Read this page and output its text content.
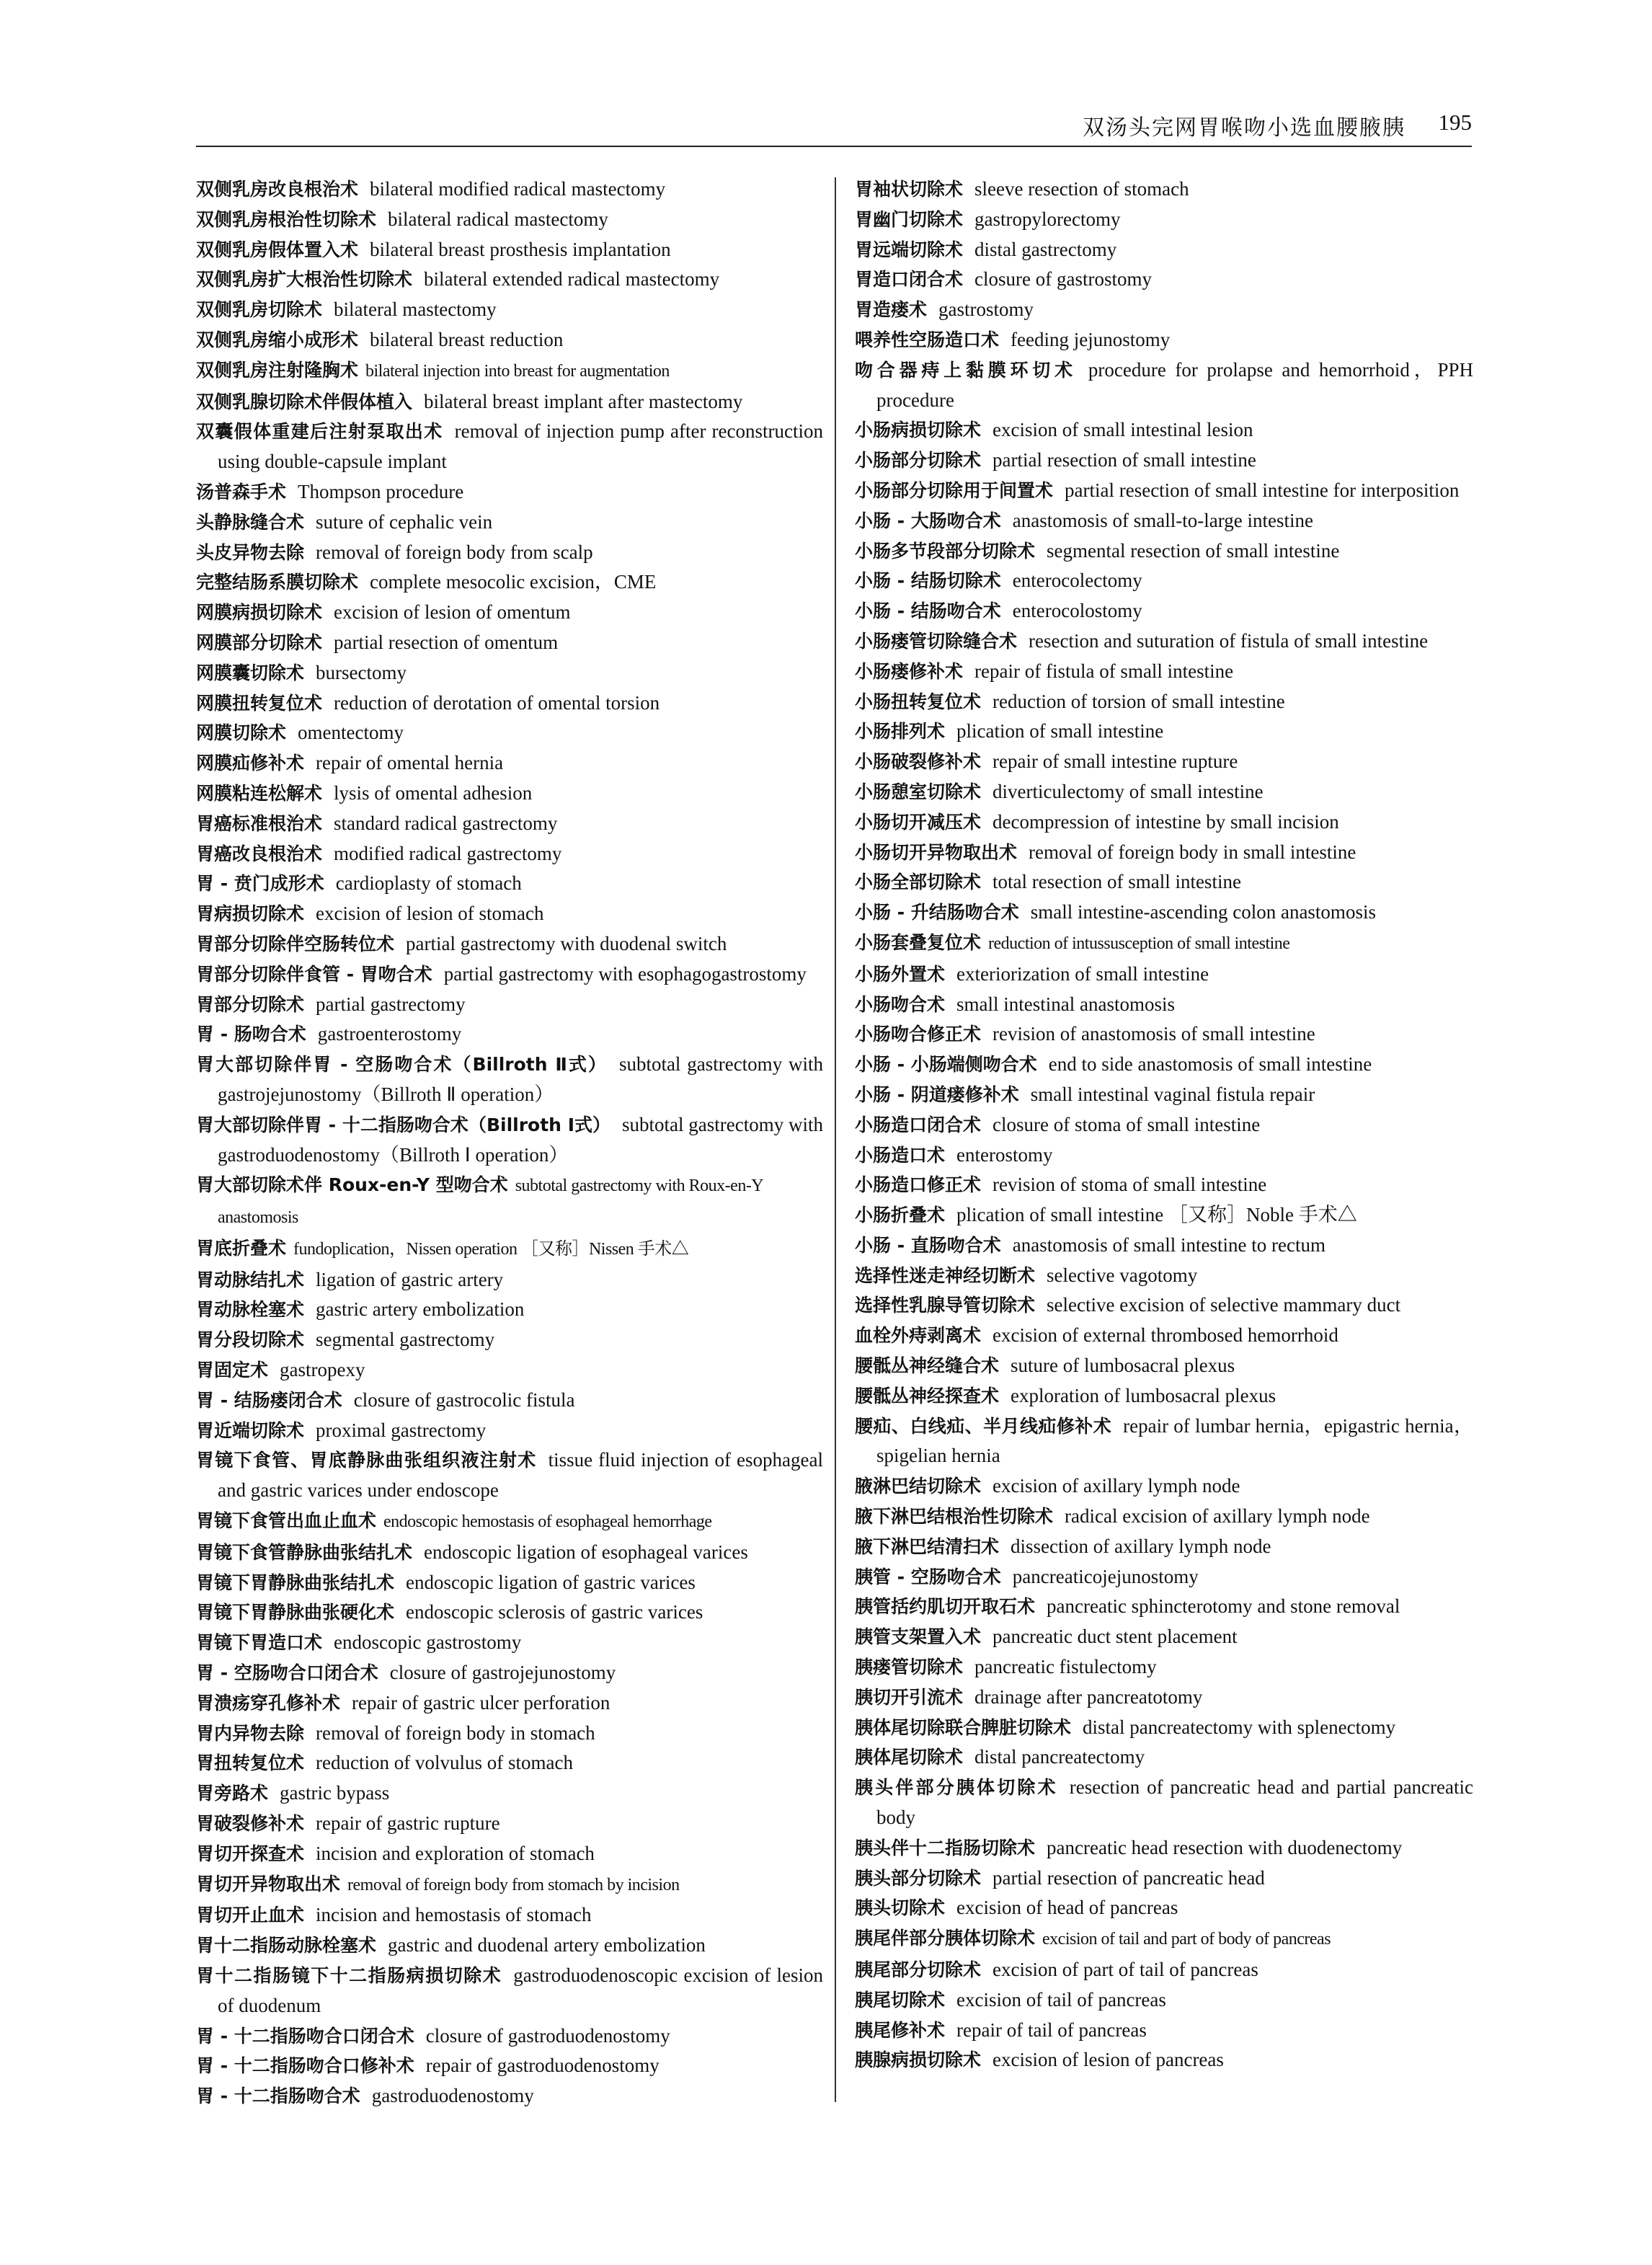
双汤头完网胃喉吻小选血腰腋胰 195
双侧乳房改良根治术 bilateral modified radical mastectomy
双侧乳房根治性切除术 bilateral radical mastectomy
双侧乳房假体置入术 bilateral breast prosthesis implantation
双侧乳房扩大根治性切除术 bilateral extended radical mastectomy
双侧乳房切除术 bilateral mastectomy
双侧乳房缩小成形术 bilateral breast reduction
双侧乳房注射隆胸术 bilateral injection into breast for augmentation
双侧乳腺切除术伴假体植入 bilateral breast implant after mastectomy
双囊假体重建后注射泵取出术 removal of injection pump after reconstruction using double-capsule implant
汤普森手术 Thompson procedure
头静脉缝合术 suture of cephalic vein
头皮异物去除 removal of foreign body from scalp
完整结肠系膜切除术 complete mesocolic excision，CME
网膜病损切除术 excision of lesion of omentum
网膜部分切除术 partial resection of omentum
网膜囊切除术 bursectomy
网膜扭转复位术 reduction of derotation of omental torsion
网膜切除术 omentectomy
网膜疝修补术 repair of omental hernia
网膜粘连松解术 lysis of omental adhesion
胃癌标准根治术 standard radical gastrectomy
胃癌改良根治术 modified radical gastrectomy
胃 - 贲门成形术 cardioplasty of stomach
胃病损切除术 excision of lesion of stomach
胃部分切除伴空肠转位术 partial gastrectomy with duodenal switch
胃部分切除伴食管 - 胃吻合术 partial gastrectomy with esophagogastrostomy
胃部分切除术 partial gastrectomy
胃 - 肠吻合术 gastroenterostomy
胃大部切除伴胃 - 空肠吻合术（Billroth Ⅱ式） subtotal gastrectomy with gastrojejunostomy（Billroth Ⅱ operation）
胃大部切除伴胃 - 十二指肠吻合术（Billroth Ⅰ式） subtotal gastrectomy with gastroduodenostomy（Billroth Ⅰ operation）
胃大部切除术伴 Roux-en-Y 型吻合术 subtotal gastrectomy with Roux-en-Y anastomosis
胃底折叠术 fundoplication，Nissen operation ［又称］Nissen 手术△
胃动脉结扎术 ligation of gastric artery
胃动脉栓塞术 gastric artery embolization
胃分段切除术 segmental gastrectomy
胃固定术 gastropexy
胃 - 结肠瘘闭合术 closure of gastrocolic fistula
胃近端切除术 proximal gastrectomy
胃镜下食管、胃底静脉曲张组织液注射术 tissue fluid injection of esophageal and gastric varices under endoscope
胃镜下食管出血止血术 endoscopic hemostasis of esophageal hemorrhage
胃镜下食管静脉曲张结扎术 endoscopic ligation of esophageal varices
胃镜下胃静脉曲张结扎术 endoscopic ligation of gastric varices
胃镜下胃静脉曲张硬化术 endoscopic sclerosis of gastric varices
胃镜下胃造口术 endoscopic gastrostomy
胃 - 空肠吻合口闭合术 closure of gastrojejunostomy
胃溃疡穿孔修补术 repair of gastric ulcer perforation
胃内异物去除 removal of foreign body in stomach
胃扭转复位术 reduction of volvulus of stomach
胃旁路术 gastric bypass
胃破裂修补术 repair of gastric rupture
胃切开探查术 incision and exploration of stomach
胃切开异物取出术 removal of foreign body from stomach by incision
胃切开止血术 incision and hemostasis of stomach
胃十二指肠动脉栓塞术 gastric and duodenal artery embolization
胃十二指肠镜下十二指肠病损切除术 gastroduodenoscopic excision of lesion of duodenum
胃 - 十二指肠吻合口闭合术 closure of gastroduodenostomy
胃 - 十二指肠吻合口修补术 repair of gastroduodenostomy
胃 - 十二指肠吻合术 gastroduodenostomy
胃袖状切除术 sleeve resection of stomach
胃幽门切除术 gastropylorectomy
胃远端切除术 distal gastrectomy
胃造口闭合术 closure of gastrostomy
胃造瘘术 gastrostomy
喂养性空肠造口术 feeding jejunostomy
吻合器痔上黏膜环切术 procedure for prolapse and hemorrhoid，PPH procedure
小肠病损切除术 excision of small intestinal lesion
小肠部分切除术 partial resection of small intestine
小肠部分切除用于间置术 partial resection of small intestine for interposition
小肠 - 大肠吻合术 anastomosis of small-to-large intestine
小肠多节段部分切除术 segmental resection of small intestine
小肠 - 结肠切除术 enterocolectomy
小肠 - 结肠吻合术 enterocolostomy
小肠瘘管切除缝合术 resection and suturation of fistula of small intestine
小肠瘘修补术 repair of fistula of small intestine
小肠扭转复位术 reduction of torsion of small intestine
小肠排列术 plication of small intestine
小肠破裂修补术 repair of small intestine rupture
小肠憩室切除术 diverticulectomy of small intestine
小肠切开减压术 decompression of intestine by small incision
小肠切开异物取出术 removal of foreign body in small intestine
小肠全部切除术 total resection of small intestine
小肠 - 升结肠吻合术 small intestine-ascending colon anastomosis
小肠套叠复位术 reduction of intussusception of small intestine
小肠外置术 exteriorization of small intestine
小肠吻合术 small intestinal anastomosis
小肠吻合修正术 revision of anastomosis of small intestine
小肠 - 小肠端侧吻合术 end to side anastomosis of small intestine
小肠 - 阴道瘘修补术 small intestinal vaginal fistula repair
小肠造口闭合术 closure of stoma of small intestine
小肠造口术 enterostomy
小肠造口修正术 revision of stoma of small intestine
小肠折叠术 plication of small intestine ［又称］Noble 手术△
小肠 - 直肠吻合术 anastomosis of small intestine to rectum
选择性迷走神经切断术 selective vagotomy
选择性乳腺导管切除术 selective excision of selective mammary duct
血栓外痔剥离术 excision of external thrombosed hemorrhoid
腰骶丛神经缝合术 suture of lumbosacral plexus
腰骶丛神经探查术 exploration of lumbosacral plexus
腰疝、白线疝、半月线疝修补术 repair of lumbar hernia，epigastric hernia，spigelian hernia
腋淋巴结切除术 excision of axillary lymph node
腋下淋巴结根治性切除术 radical excision of axillary lymph node
腋下淋巴结清扫术 dissection of axillary lymph node
胰管 - 空肠吻合术 pancreaticojejunostomy
胰管括约肌切开取石术 pancreatic sphincterotomy and stone removal
胰管支架置入术 pancreatic duct stent placement
胰瘘管切除术 pancreatic fistulectomy
胰切开引流术 drainage after pancreatotomy
胰体尾切除联合脾脏切除术 distal pancreatectomy with splenectomy
胰体尾切除术 distal pancreatectomy
胰头伴部分胰体切除术 resection of pancreatic head and partial pancreatic body
胰头伴十二指肠切除术 pancreatic head resection with duodenectomy
胰头部分切除术 partial resection of pancreatic head
胰头切除术 excision of head of pancreas
胰尾伴部分胰体切除术 excision of tail and part of body of pancreas
胰尾部分切除术 excision of part of tail of pancreas
胰尾切除术 excision of tail of pancreas
胰尾修补术 repair of tail of pancreas
胰腺病损切除术 excision of lesion of pancreas
